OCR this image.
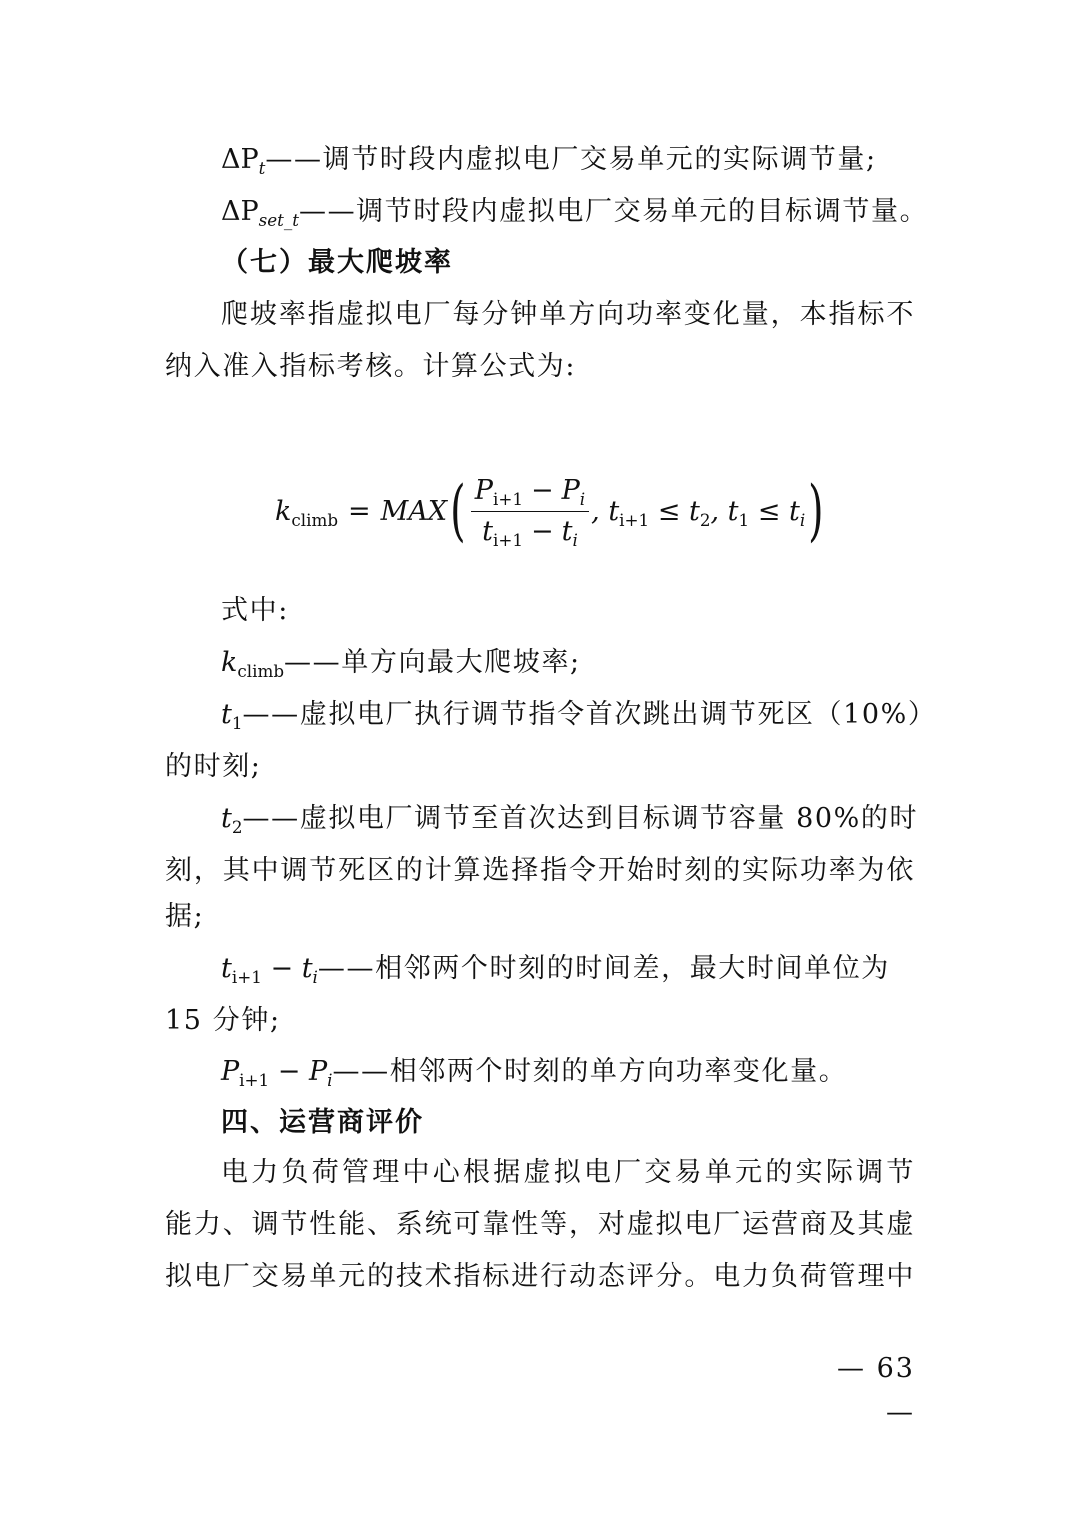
$\Delta P_t——$调节时段内虚拟电厂交易单元的实际调节量;
$\Delta P_{set\_t}——$调节时段内虚拟电厂交易单元的目标调节量。
（七）最大爬坡率
爬坡率指虚拟电厂每分钟单方向功率变化量，本指标不
纳入准入指标考核。计算公式为:
$k_{climb}$ = MAX ( $\frac{P_{i+1} - P_i}{t_{i+1} - t_i}$ , $t_{i+1} \le t_2$, $t_1 \le t_i$ )
式中:
$k_{climb}——$单方向最大爬坡率;
$t_1——$虚拟电厂执行调节指令首次跳出调节死区（10%）
的时刻;
$t_2——$虚拟电厂调节至首次达到目标调节容量 80%的时
刻，其中调节死区的计算选择指令开始时刻的实际功率为依
据;
$t_{i+1}$ − $t_i——$相邻两个时刻的时间差，最大时间单位为
15 分钟;
$P_{i+1}$ − $P_i——$相邻两个时刻的单方向功率变化量。
四、运营商评价
电力负荷管理中心根据虚拟电厂交易单元的实际调节
能力、调节性能、系统可靠性等，对虚拟电厂运营商及其虚
拟电厂交易单元的技术指标进行动态评分。电力负荷管理中
— 63 —
